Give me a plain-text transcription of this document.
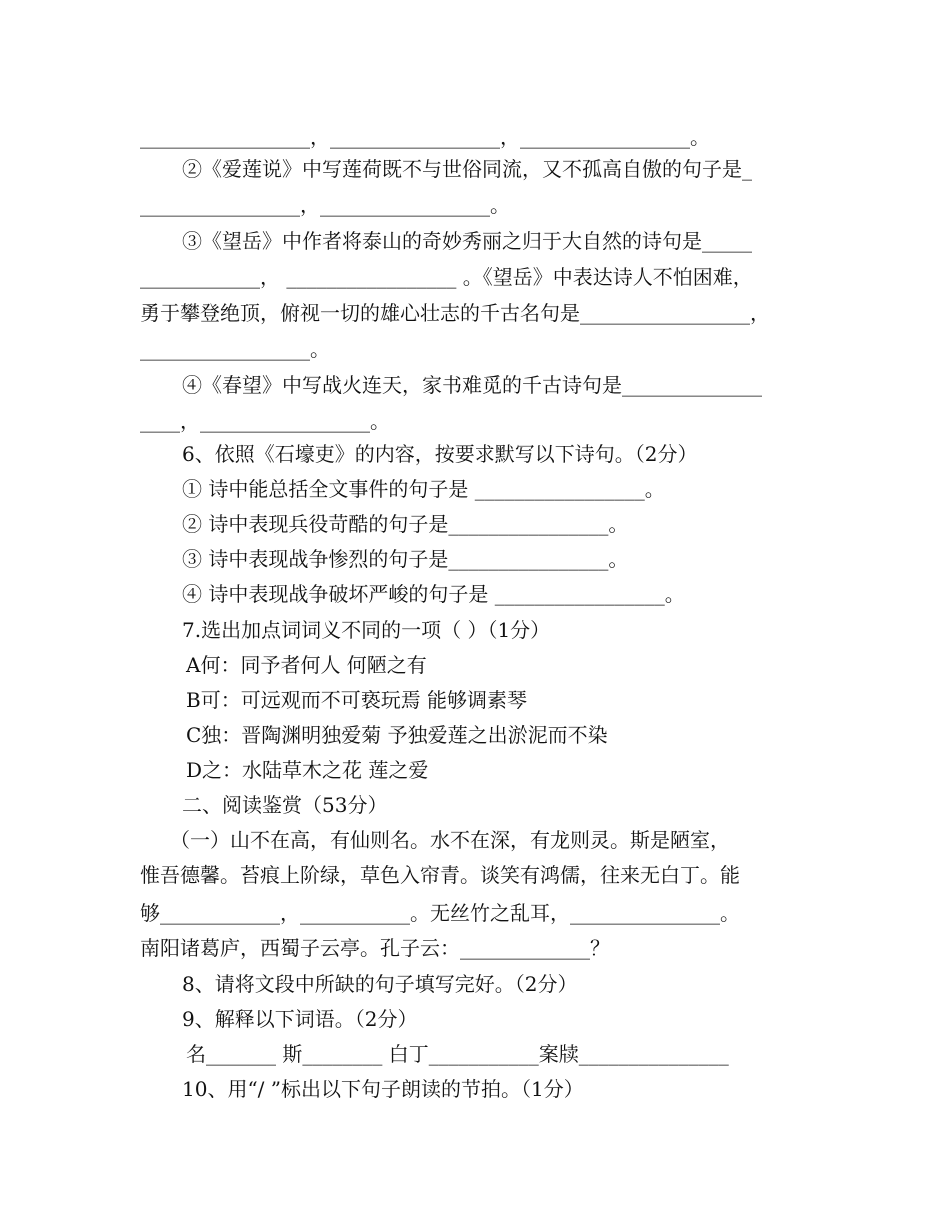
_________________，_________________，_________________。
②《爱莲说》中写莲荷既不与世俗同流，又不孤高自傲的句子是_
________________，_________________。
③《望岳》中作者将泰山的奇妙秀丽之归于大自然的诗句是_____
____________， _________________ 。《望岳》中表达诗人不怕困难，
勇于攀登绝顶，俯视一切的雄心壮志的千古名句是_________________，
_________________。
④《春望》中写战火连天，家书难觅的千古诗句是______________
____，_________________。
6、依照《石壕吏》的内容，按要求默写以下诗句。（2分）
① 诗中能总括全文事件的句子是 _________________。
② 诗中表现兵役苛酷的句子是________________。
③ 诗中表现战争惨烈的句子是________________。
④ 诗中表现战争破坏严峻的句子是 _________________。
7.选出加点词词义不同的一项（ ）（1分）
A何：同予者何人 何陋之有
B可：可远观而不可亵玩焉 能够调素琴
C独：晋陶渊明独爱菊 予独爱莲之出淤泥而不染
D之：水陆草木之花 莲之爱
二、阅读鉴赏（53分）
（一）山不在高，有仙则名。水不在深，有龙则灵。斯是陋室，
惟吾德馨。苔痕上阶绿，草色入帘青。谈笑有鸿儒，往来无白丁。能
够____________，___________。无丝竹之乱耳，_______________。
南阳诸葛庐，西蜀子云亭。孔子云：_____________？
8、请将文段中所缺的句子填写完好。（2分）
9、解释以下词语。（2分）
名_______ 斯________ 白丁___________案牍_______________
10、用“/ ”标出以下句子朗读的节拍。（1分）
